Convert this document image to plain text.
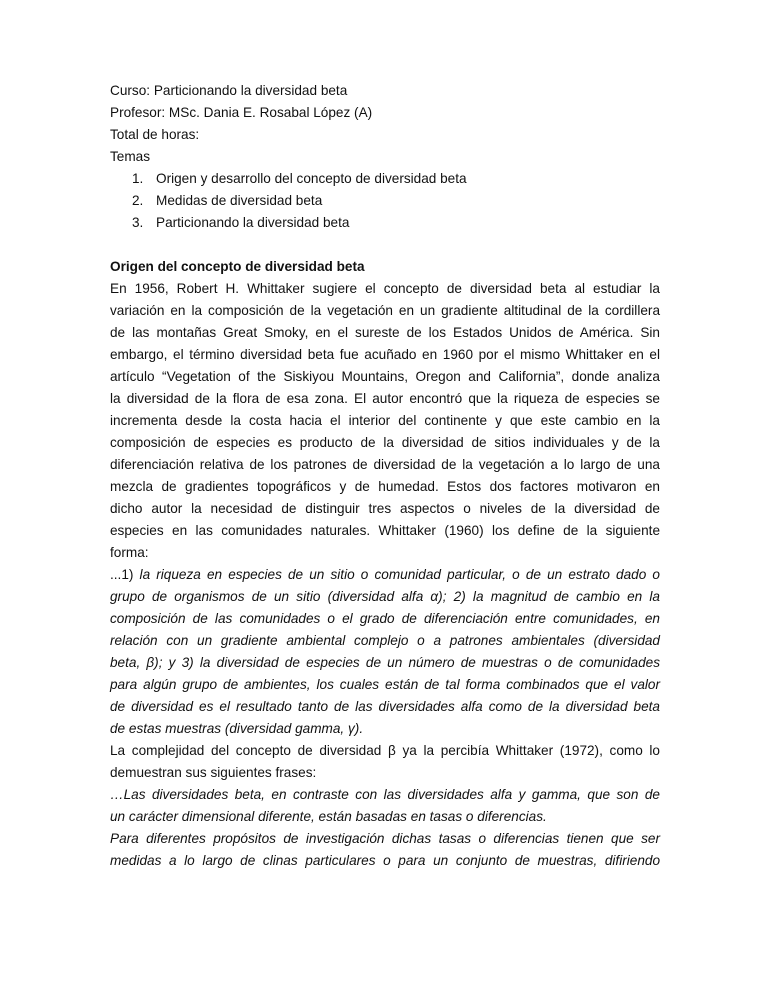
Curso: Particionando la diversidad beta
Profesor: MSc. Dania E. Rosabal López (A)
Total de horas:
Temas
1. Origen y desarrollo del concepto de diversidad beta
2. Medidas de diversidad beta
3. Particionando la diversidad beta
Origen del concepto de diversidad beta
En 1956, Robert H. Whittaker sugiere el concepto de diversidad beta al estudiar la
variación en la composición de la vegetación en un gradiente altitudinal de la cordillera
de las montañas Great Smoky, en el sureste de los Estados Unidos de América. Sin
embargo, el término diversidad beta fue acuñado en 1960 por el mismo Whittaker en el
artículo “Vegetation of the Siskiyou Mountains, Oregon and California”, donde analiza
la diversidad de la flora de esa zona. El autor encontró que la riqueza de especies se
incrementa desde la costa hacia el interior del continente y que este cambio en la
composición de especies es producto de la diversidad de sitios individuales y de la
diferenciación relativa de los patrones de diversidad de la vegetación a lo largo de una
mezcla de gradientes topográficos y de humedad. Estos dos factores motivaron en
dicho autor la necesidad de distinguir tres aspectos o niveles de la diversidad de
especies en las comunidades naturales. Whittaker (1960) los define de la siguiente
forma:
...1) la riqueza en especies de un sitio o comunidad particular, o de un estrato dado o
grupo de organismos de un sitio (diversidad alfa α); 2) la magnitud de cambio en la
composición de las comunidades o el grado de diferenciación entre comunidades, en
relación con un gradiente ambiental complejo o a patrones ambientales (diversidad
beta, β); y 3) la diversidad de especies de un número de muestras o de comunidades
para algún grupo de ambientes, los cuales están de tal forma combinados que el valor
de diversidad es el resultado tanto de las diversidades alfa como de la diversidad beta
de estas muestras (diversidad gamma, γ).
La complejidad del concepto de diversidad β ya la percibía Whittaker (1972), como lo
demuestran sus siguientes frases:
…Las diversidades beta, en contraste con las diversidades alfa y gamma, que son de
un carácter dimensional diferente, están basadas en tasas o diferencias.
Para diferentes propósitos de investigación dichas tasas o diferencias tienen que ser
medidas a lo largo de clinas particulares o para un conjunto de muestras, difiriendo
